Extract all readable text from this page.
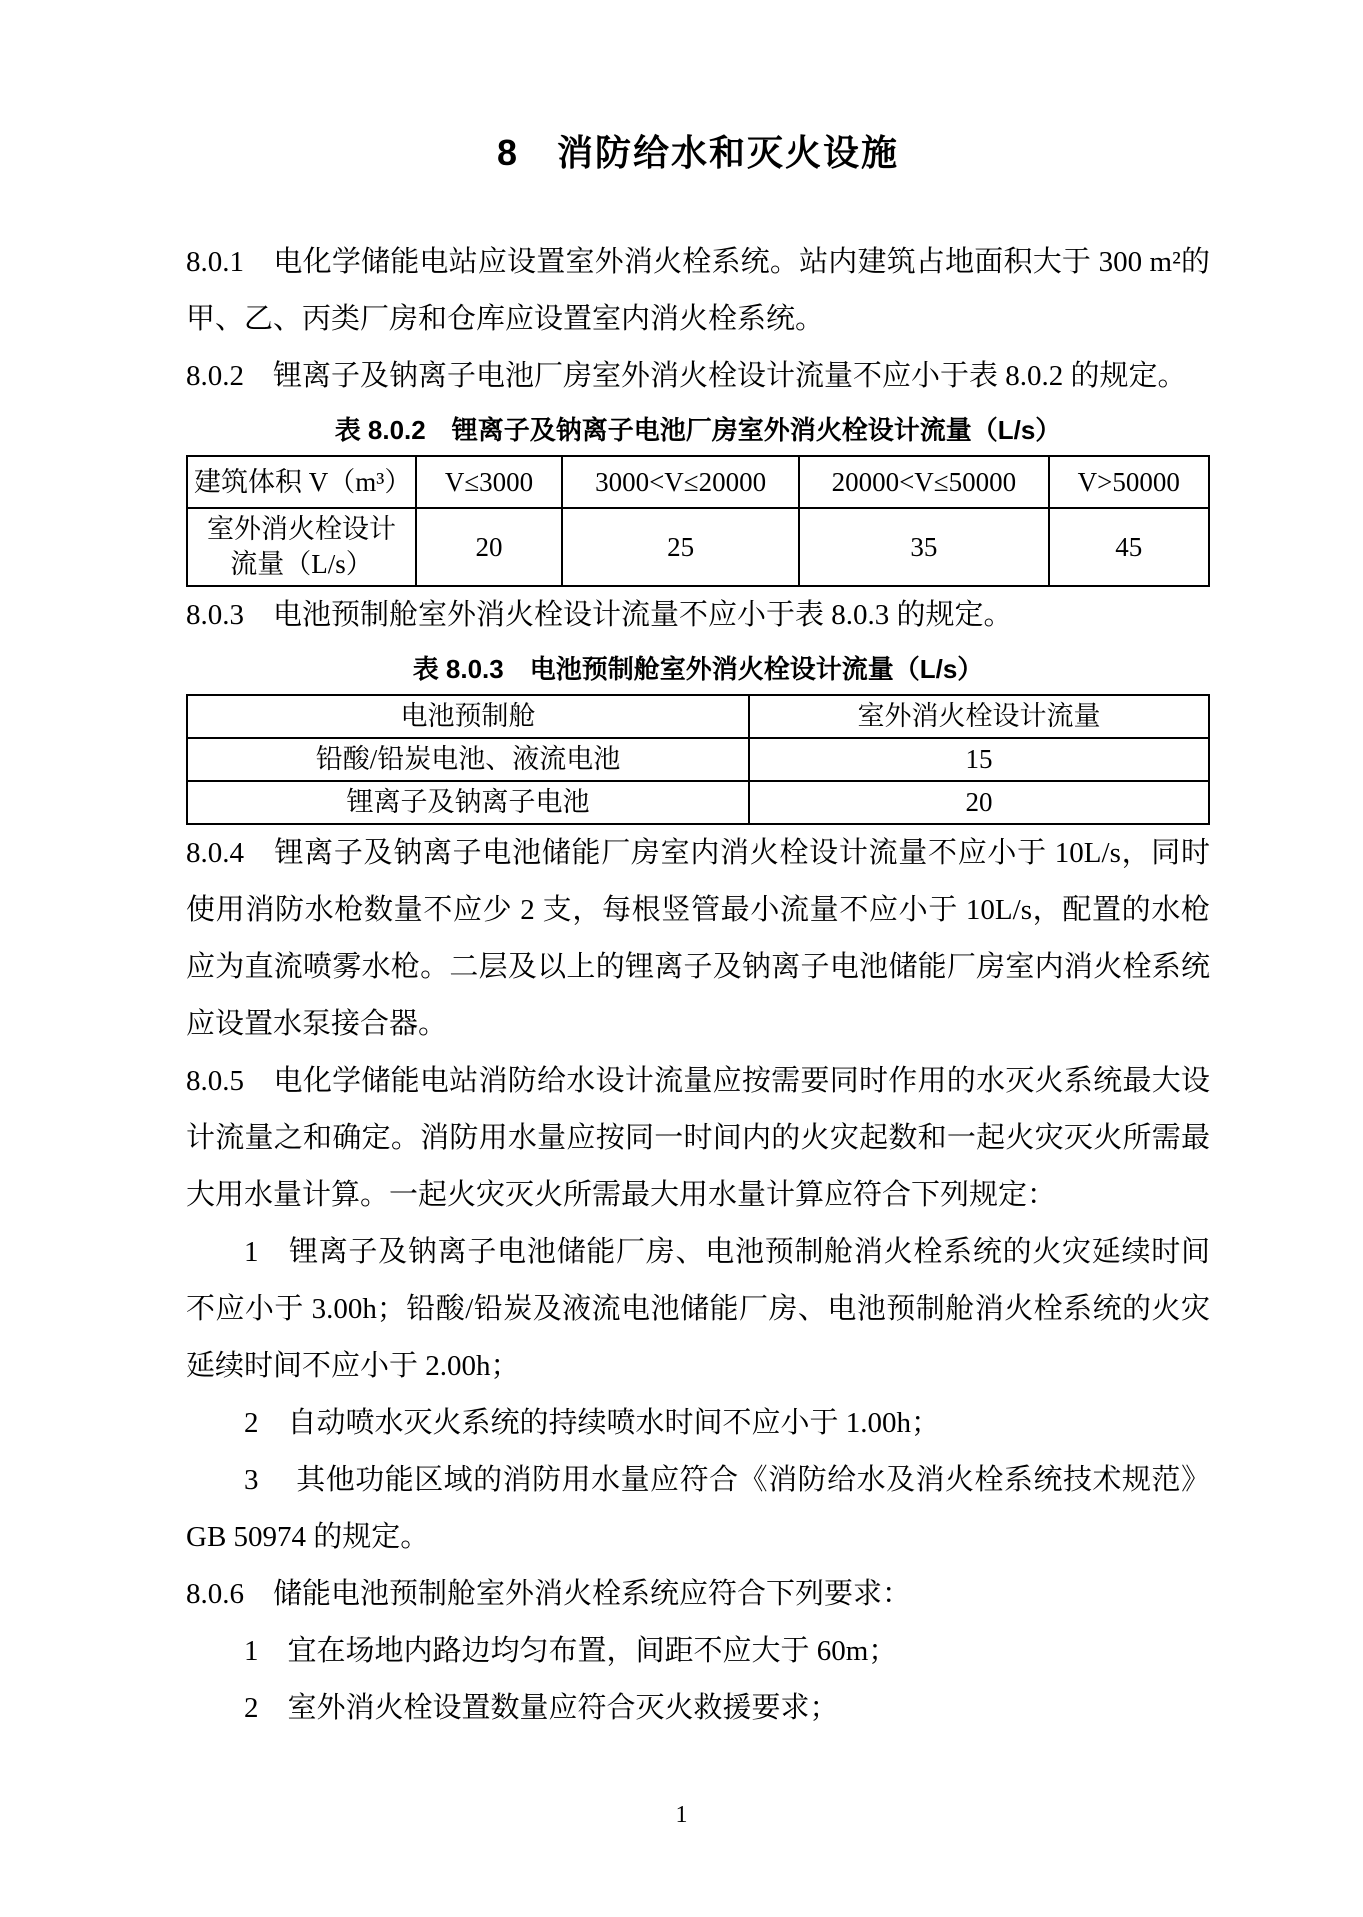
8　消防给水和灭火设施

8.0.1　电化学储能电站应设置室外消火栓系统。站内建筑占地面积大于 300 m²的甲、乙、丙类厂房和仓库应设置室内消火栓系统。

8.0.2　锂离子及钠离子电池厂房室外消火栓设计流量不应小于表 8.0.2 的规定。

表 8.0.2　锂离子及钠离子电池厂房室外消火栓设计流量（L/s）

建筑体积 V（m³）	V≤3000	3000<V≤20000	20000<V≤50000	V>50000
室外消火栓设计流量（L/s）	20	25	35	45

8.0.3　电池预制舱室外消火栓设计流量不应小于表 8.0.3 的规定。

表 8.0.3　电池预制舱室外消火栓设计流量（L/s）

电池预制舱	室外消火栓设计流量
铅酸/铅炭电池、液流电池	15
锂离子及钠离子电池	20

8.0.4　锂离子及钠离子电池储能厂房室内消火栓设计流量不应小于 10L/s，同时使用消防水枪数量不应少 2 支，每根竖管最小流量不应小于 10L/s，配置的水枪应为直流喷雾水枪。二层及以上的锂离子及钠离子电池储能厂房室内消火栓系统应设置水泵接合器。

8.0.5　电化学储能电站消防给水设计流量应按需要同时作用的水灭火系统最大设计流量之和确定。消防用水量应按同一时间内的火灾起数和一起火灾灭火所需最大用水量计算。一起火灾灭火所需最大用水量计算应符合下列规定：

1　锂离子及钠离子电池储能厂房、电池预制舱消火栓系统的火灾延续时间不应小于 3.00h；铅酸/铅炭及液流电池储能厂房、电池预制舱消火栓系统的火灾延续时间不应小于 2.00h；

2　自动喷水灭火系统的持续喷水时间不应小于 1.00h；

3　 其他功能区域的消防用水量应符合《消防给水及消火栓系统技术规范》GB 50974 的规定。

8.0.6　储能电池预制舱室外消火栓系统应符合下列要求：

1　宜在场地内路边均匀布置，间距不应大于 60m；

2　室外消火栓设置数量应符合灭火救援要求；

1
